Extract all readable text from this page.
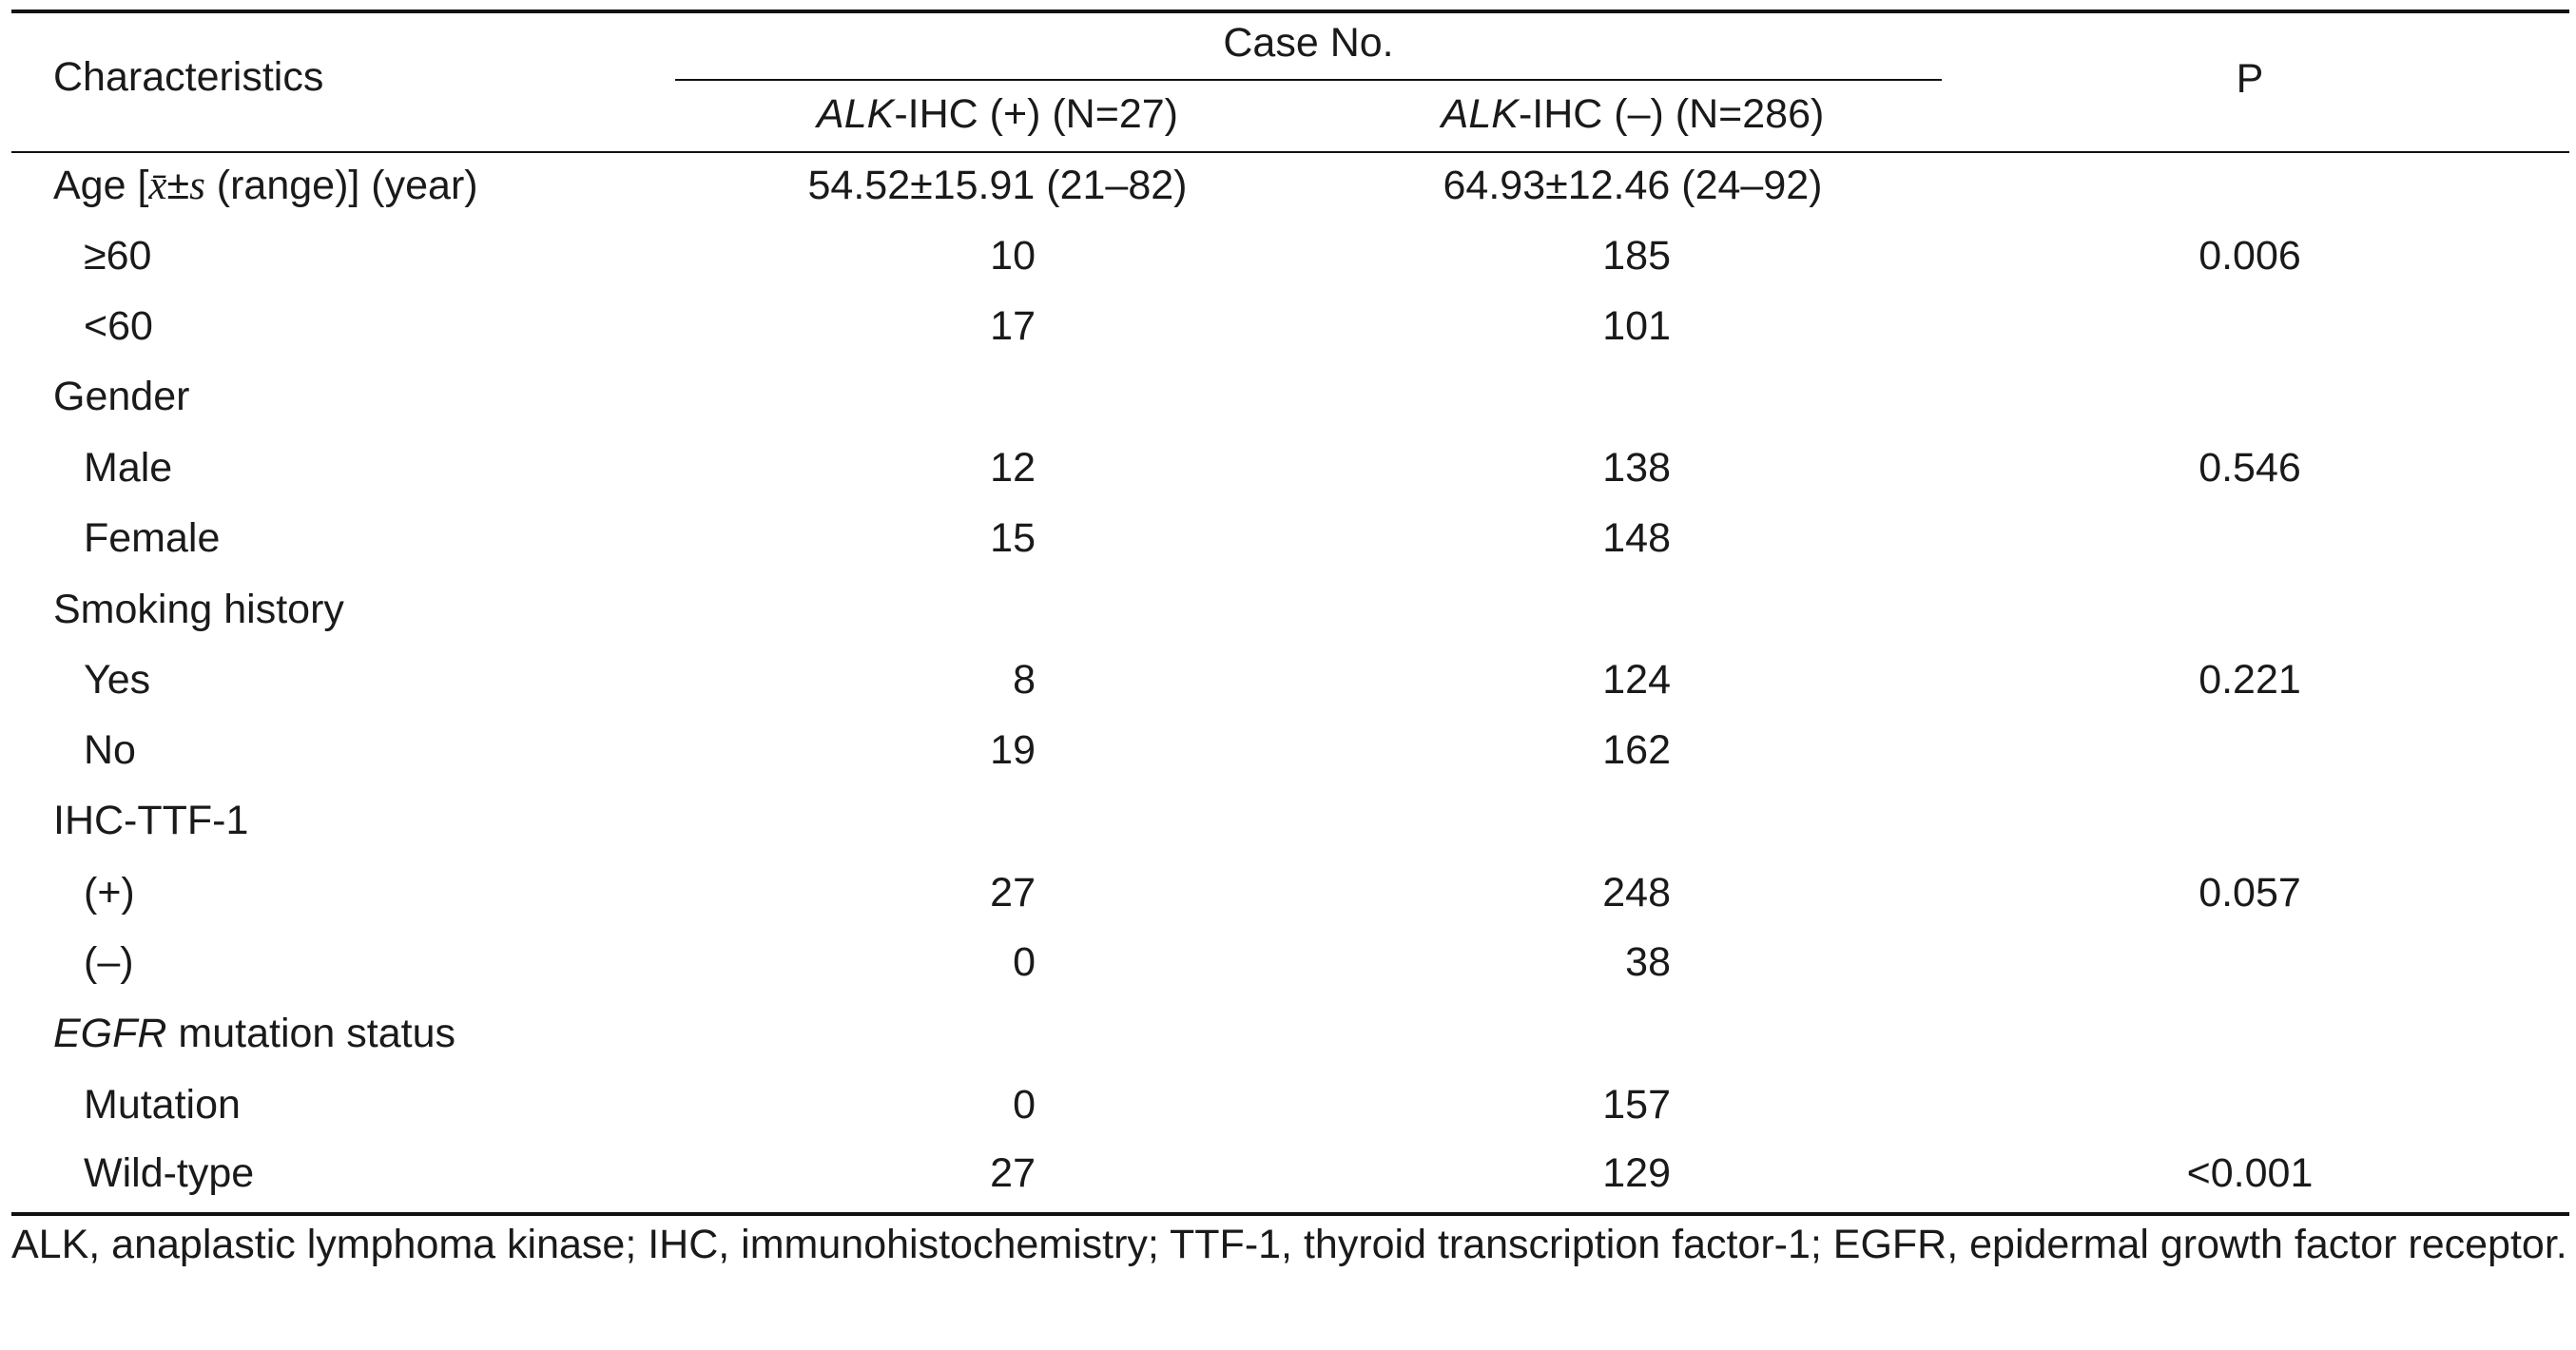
Characteristics
Case No.
P
ALK-IHC (+) (N=27)	ALK-IHC (–) (N=286)
Age [x̄±s (range)] (year)	54.52±15.91 (21–82)	64.93±12.46 (24–92)
≥60	10	185	0.006
<60	17	101
Gender
Male	12	138	0.546
Female	15	148
Smoking history
Yes	8	124	0.221
No	19	162
IHC-TTF-1
(+)	27	248	0.057
(–)	0	38
EGFR mutation status
Mutation	0	157
Wild-type	27	129	<0.001
ALK, anaplastic lymphoma kinase; IHC, immunohistochemistry; TTF-1, thyroid transcription factor-1; EGFR, epidermal growth factor receptor.
